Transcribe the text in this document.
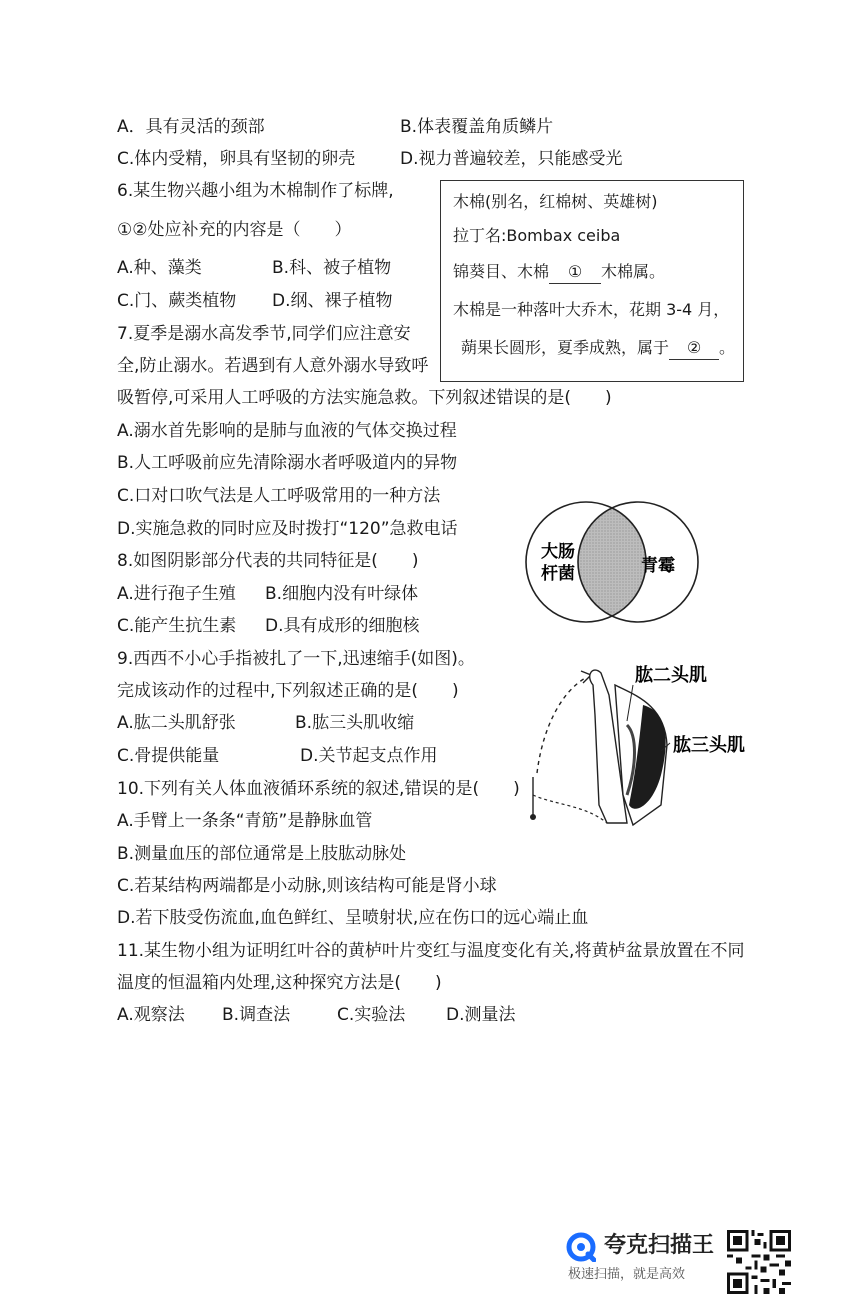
A．具有灵活的颈部	B.体表覆盖角质鳞片
C.体内受精，卵具有坚韧的卵壳	D.视力普遍较差，只能感受光
6.某生物兴趣小组为木棉制作了标牌,
①②处应补充的内容是（　　）
A.种、藻类	B.科、被子植物
C.门、蕨类植物 D.纲、裸子植物
木棉(别名，红棉树、英雄树)
拉丁名:Bombax ceiba
锦葵目、木棉 ① 木棉属。
木棉是一种落叶大乔木，花期 3-4 月，
蒴果长圆形，夏季成熟，属于 ② 。
7.夏季是溺水高发季节,同学们应注意安
全,防止溺水。若遇到有人意外溺水导致呼
吸暂停,可采用人工呼吸的方法实施急救。下列叙述错误的是(　　)
A.溺水首先影响的是肺与血液的气体交换过程
B.人工呼吸前应先清除溺水者呼吸道内的异物
C.口对口吹气法是人工呼吸常用的一种方法
D.实施急救的同时应及时拨打“120”急救电话
大肠
杆菌	青霉
8.如图阴影部分代表的共同特征是(　　)
A.进行孢子生殖 B.细胞内没有叶绿体
C.能产生抗生素 D.具有成形的细胞核
9.西西不小心手指被扎了一下,迅速缩手(如图)。
完成该动作的过程中,下列叙述正确的是(　　)
A.肱二头肌舒张	B.肱三头肌收缩
C.骨提供能量	D.关节起支点作用
肱二头肌
肱三头肌
10.下列有关人体血液循环系统的叙述,错误的是(　　)
A.手臂上一条条“青筋”是静脉血管
B.测量血压的部位通常是上肢肱动脉处
C.若某结构两端都是小动脉,则该结构可能是肾小球
D.若下肢受伤流血,血色鲜红、呈喷射状,应在伤口的远心端止血
11.某生物小组为证明红叶谷的黄栌叶片变红与温度变化有关,将黄栌盆景放置在不同
温度的恒温箱内处理,这种探究方法是(　　)
A.观察法 B.调查法	C.实验法 D.测量法
夸克扫描王
极速扫描，就是高效
